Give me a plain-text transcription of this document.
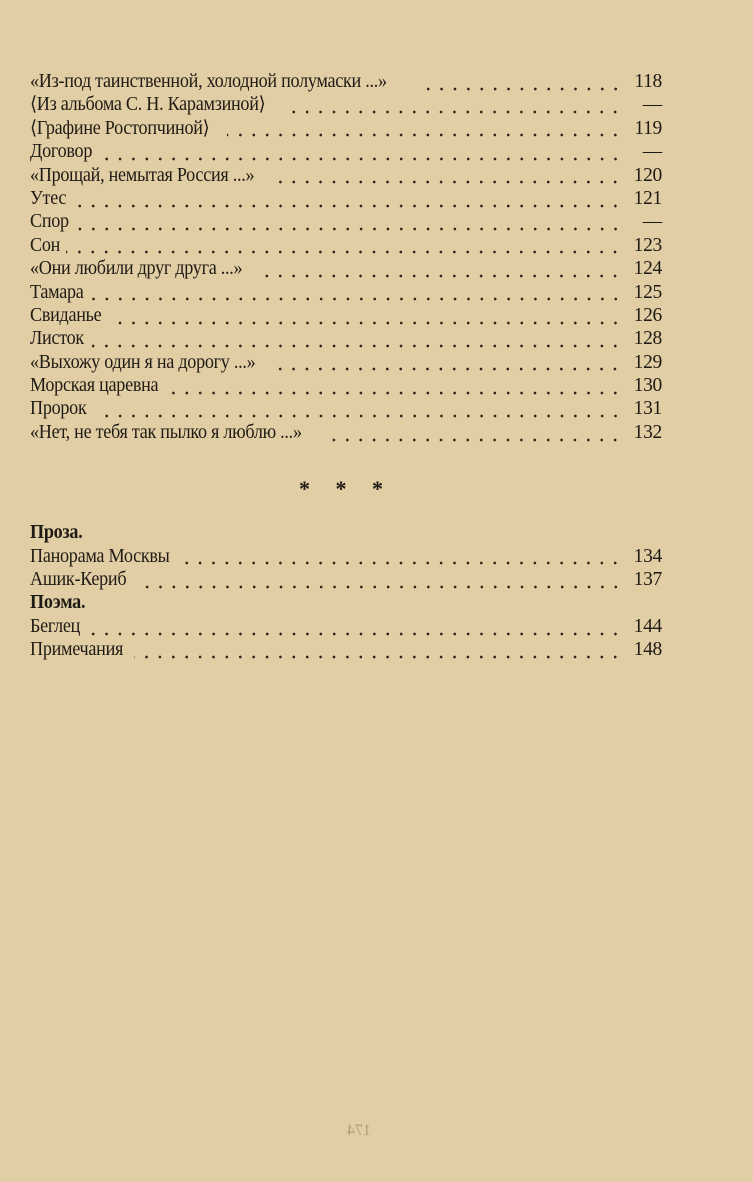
«Из-под таинственной, холодной полумаски ...»	118
⟨Из альбома С. Н. Карамзиной⟩	—
⟨Графине Ростопчиной⟩	119
Договор	—
«Прощай, немытая Россия ...»	120
Утес	121
Спор	—
Сон	123
«Они любили друг друга ...»	124
Тамара	125
Свиданье	126
Листок	128
«Выхожу один я на дорогу ...»	129
Морская царевна	130
Пророк	131
«Нет, не тебя так пылко я люблю ...»	132
Проза.
Панорама Москвы	134
Ашик-Кериб	137
Поэма.
Беглец	144
Примечания	148
* * *
174
